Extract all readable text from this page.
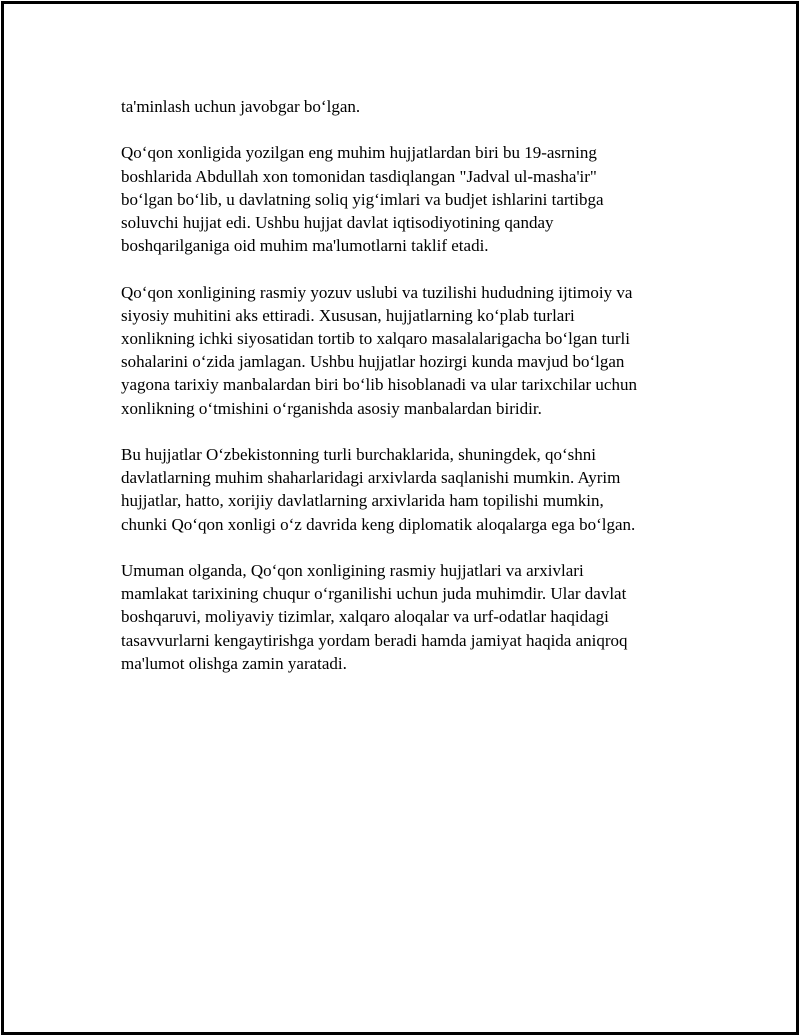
ta'minlash uchun javobgar bo‘lgan.

Qo‘qon xonligida yozilgan eng muhim hujjatlardan biri bu 19-asrning
boshlarida Abdullah xon tomonidan tasdiqlangan "Jadval ul-masha'ir"
bo‘lgan bo‘lib, u davlatning soliq yig‘imlari va budjet ishlarini tartibga
soluvchi hujjat edi. Ushbu hujjat davlat iqtisodiyotining qanday
boshqarilganiga oid muhim ma'lumotlarni taklif etadi.

Qo‘qon xonligining rasmiy yozuv uslubi va tuzilishi hududning ijtimoiy va
siyosiy muhitini aks ettiradi. Xususan, hujjatlarning ko‘plab turlari
xonlikning ichki siyosatidan tortib to xalqaro masalalarigacha bo‘lgan turli
sohalarini o‘zida jamlagan. Ushbu hujjatlar hozirgi kunda mavjud bo‘lgan
yagona tarixiy manbalardan biri bo‘lib hisoblanadi va ular tarixchilar uchun
xonlikning o‘tmishini o‘rganishda asosiy manbalardan biridir.

Bu hujjatlar O‘zbekistonning turli burchaklarida, shuningdek, qo‘shni
davlatlarning muhim shaharlaridagi arxivlarda saqlanishi mumkin. Ayrim
hujjatlar, hatto, xorijiy davlatlarning arxivlarida ham topilishi mumkin,
chunki Qo‘qon xonligi o‘z davrida keng diplomatik aloqalarga ega bo‘lgan.

Umuman olganda, Qo‘qon xonligining rasmiy hujjatlari va arxivlari
mamlakat tarixining chuqur o‘rganilishi uchun juda muhimdir. Ular davlat
boshqaruvi, moliyaviy tizimlar, xalqaro aloqalar va urf-odatlar haqidagi
tasavvurlarni kengaytirishga yordam beradi hamda jamiyat haqida aniqroq
ma'lumot olishga zamin yaratadi.
